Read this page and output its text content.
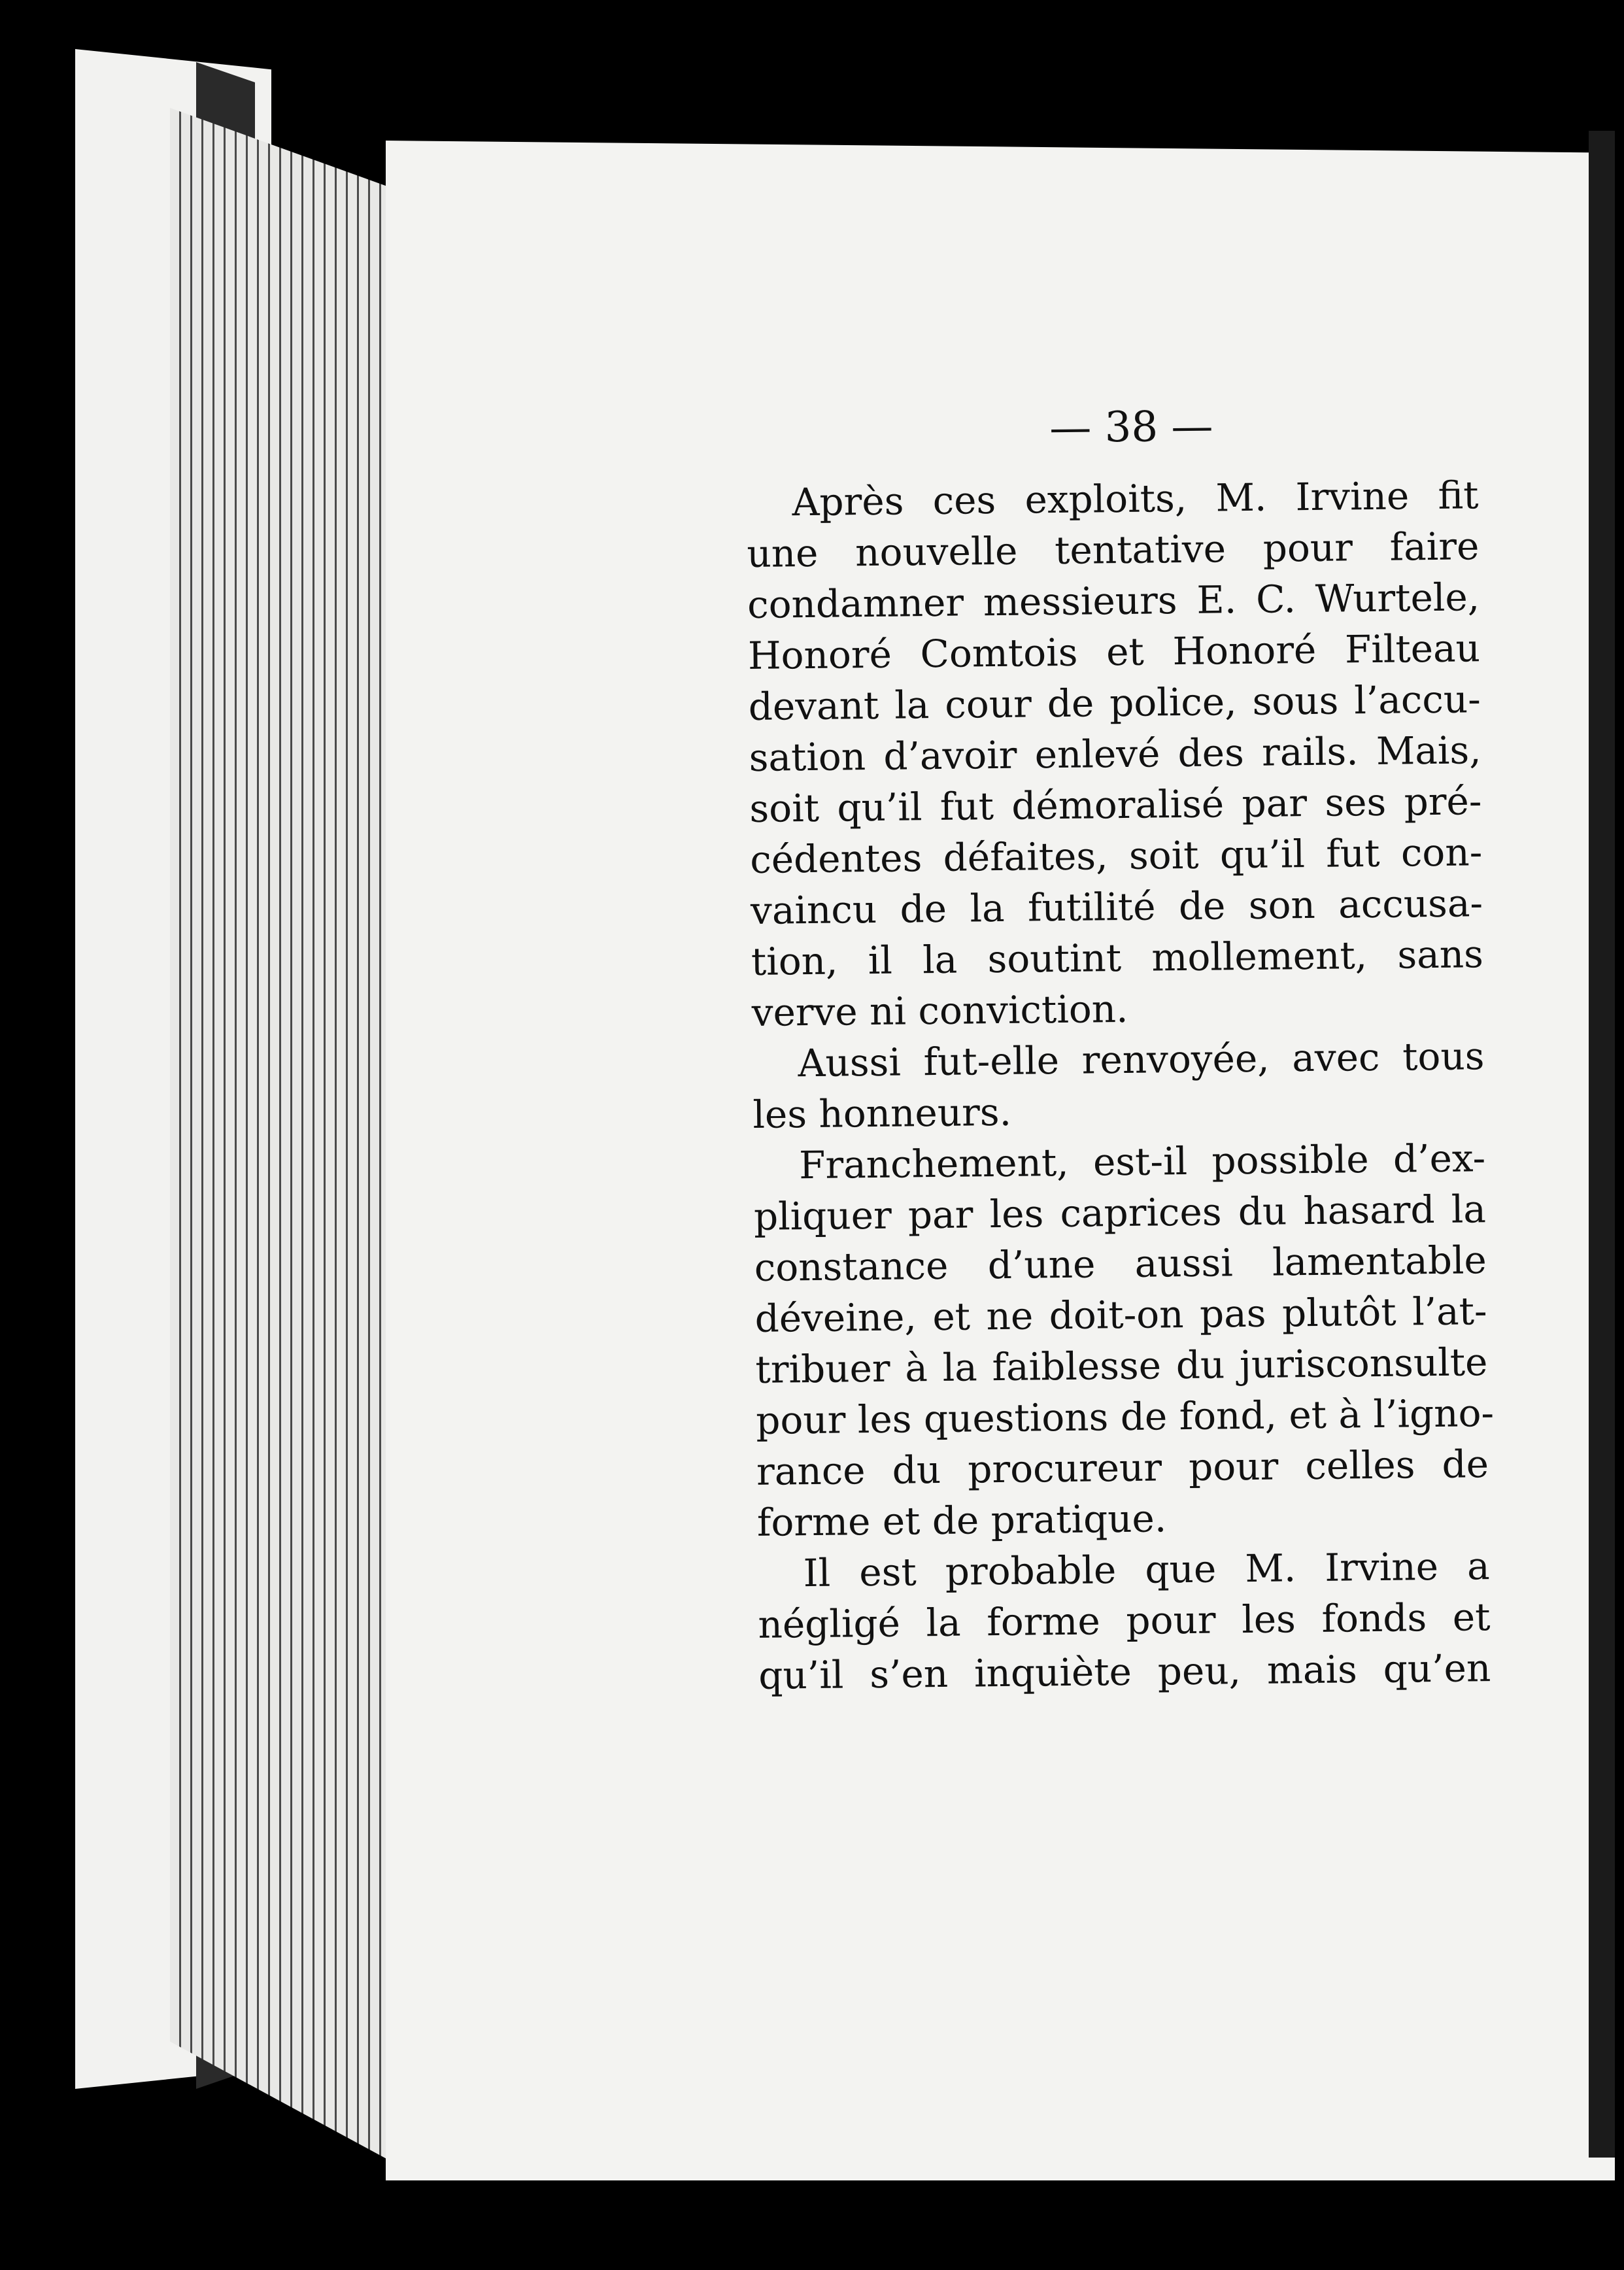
— 38 —
Après ces exploits, M. Irvine fit
une nouvelle tentative pour faire
condamner messieurs E. C. Wurtele,
Honoré Comtois et Honoré Filteau
devant la cour de police, sous l’accu-
sation d’avoir enlevé des rails. Mais,
soit qu’il fut démoralisé par ses pré-
cédentes défaites, soit qu’il fut con-
vaincu de la futilité de son accusa-
tion, il la soutint mollement, sans
verve ni conviction.
Aussi fut-elle renvoyée, avec tous
les honneurs.
Franchement, est-il possible d’ex-
pliquer par les caprices du hasard la
constance d’une aussi lamentable
déveine, et ne doit-on pas plutôt l’at-
tribuer à la faiblesse du jurisconsulte
pour les questions de fond, et à l’igno-
rance du procureur pour celles de
forme et de pratique.
Il est probable que M. Irvine a
négligé la forme pour les fonds et
qu’il s’en inquiète peu, mais qu’en
